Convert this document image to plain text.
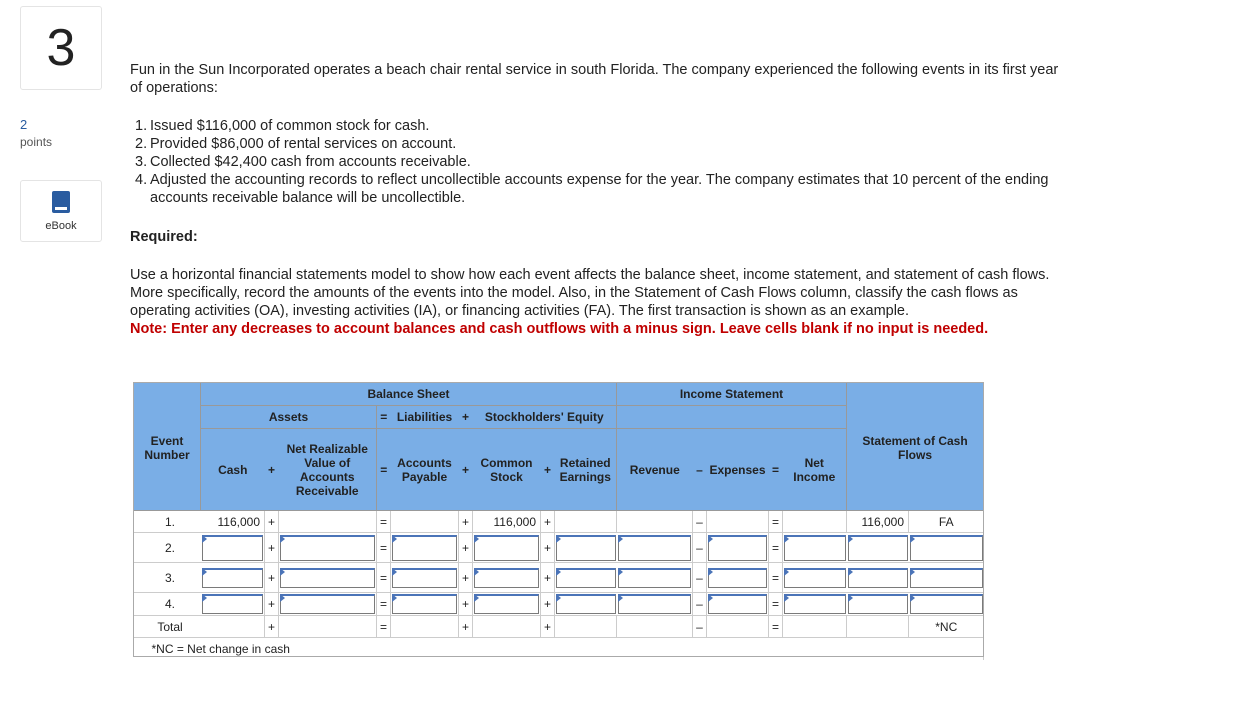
3
2
points
eBook

Fun in the Sun Incorporated operates a beach chair rental service in south Florida. The company experienced the following events in its first year of operations:

1. Issued $116,000 of common stock for cash.
2. Provided $86,000 of rental services on account.
3. Collected $42,400 cash from accounts receivable.
4. Adjusted the accounting records to reflect uncollectible accounts expense for the year. The company estimates that 10 percent of the ending accounts receivable balance will be uncollectible.
Required:
Use a horizontal financial statements model to show how each event affects the balance sheet, income statement, and statement of cash flows. More specifically, record the amounts of the events into the model. Also, in the Statement of Cash Flows column, classify the cash flows as operating activities (OA), investing activities (IA), or financing activities (FA). The first transaction is shown as an example.
Note: Enter any decreases to account balances and cash outflows with a minus sign. Leave cells blank if no input is needed.
	Balance Sheet									Income Statement						
	Assets			=	Liabilities	+	Stockholders' Equity									
Event Number	Cash	+	Net Realizable Value of Accounts Receivable	=	Accounts Payable	+	Common Stock	+	Retained Earnings	Revenue	–	Expenses	=	Net Income	Statement of Cash Flows	
1.	116,000	+		=		+	116,000	+			–		=		116,000	FA
2.		+		=		+		+			–		=	

3.		+		=		+		+			–		=	

4.		+		=		+		+			–		=	

Total		+		=		+		+			–		=			*NC
*NC = Net change in cash																
